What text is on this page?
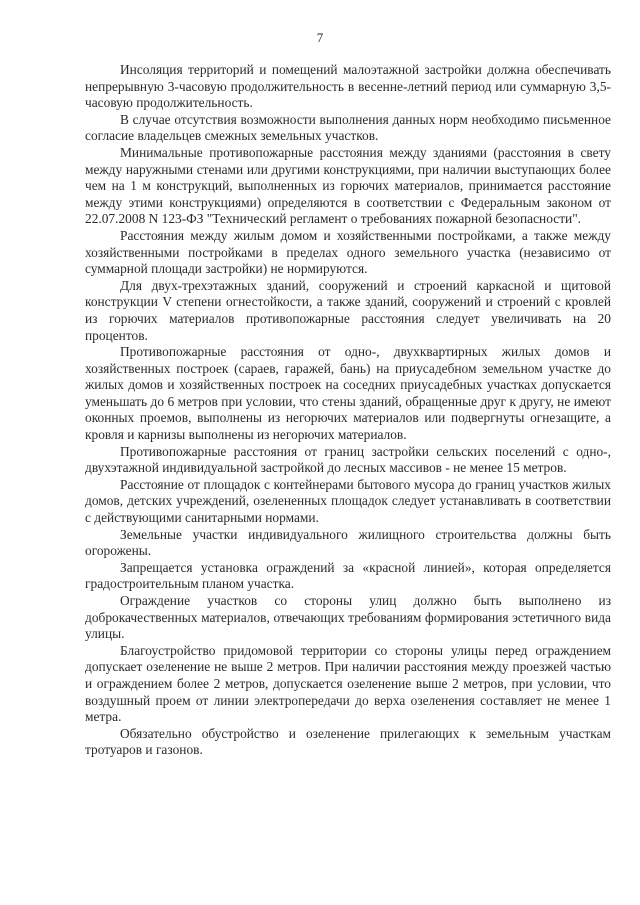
7

Инсоляция территорий и помещений малоэтажной застройки должна обеспечивать непрерывную 3-часовую продолжительность в весенне-летний период или суммарную 3,5-часовую продолжительность.

В случае отсутствия возможности выполнения данных норм необходимо письменное согласие владельцев смежных земельных участков.

Минимальные противопожарные расстояния между зданиями (расстояния в свету между наружными стенами или другими конструкциями, при наличии выступающих более чем на 1 м конструкций, выполненных из горючих материалов, принимается расстояние между этими конструкциями) определяются в соответствии с Федеральным законом от 22.07.2008 N 123-ФЗ "Технический регламент о требованиях пожарной безопасности".

Расстояния между жилым домом и хозяйственными постройками, а также между хозяйственными постройками в пределах одного земельного участка (независимо от суммарной площади застройки) не нормируются.

Для двух-трехэтажных зданий, сооружений и строений каркасной и щитовой конструкции V степени огнестойкости, а также зданий, сооружений и строений с кровлей из горючих материалов противопожарные расстояния следует увеличивать на 20 процентов.

Противопожарные расстояния от одно-, двухквартирных жилых домов и хозяйственных построек (сараев, гаражей, бань) на приусадебном земельном участке до жилых домов и хозяйственных построек на соседних приусадебных участках допускается уменьшать до 6 метров при условии, что стены зданий, обращенные друг к другу, не имеют оконных проемов, выполнены из негорючих материалов или подвергнуты огнезащите, а кровля и карнизы выполнены из негорючих материалов.

Противопожарные расстояния от границ застройки сельских поселений с одно-, двухэтажной индивидуальной застройкой до лесных массивов - не менее 15 метров.

Расстояние от площадок с контейнерами бытового мусора до границ участков жилых домов, детских учреждений, озелененных площадок следует устанавливать в соответствии с действующими санитарными нормами.

Земельные участки индивидуального жилищного строительства должны быть огорожены.

Запрещается установка ограждений за «красной линией», которая определяется градостроительным планом участка.

Ограждение участков со стороны улиц должно быть выполнено из доброкачественных материалов, отвечающих требованиям формирования эстетичного вида улицы.

Благоустройство придомовой территории со стороны улицы перед ограждением допускает озеленение не выше 2 метров. При наличии расстояния между проезжей частью и ограждением более 2 метров, допускается озеленение выше 2 метров, при условии, что воздушный проем от линии электропередачи до верха озеленения составляет не менее 1 метра.

Обязательно обустройство и озеленение прилегающих к земельным участкам тротуаров и газонов.
